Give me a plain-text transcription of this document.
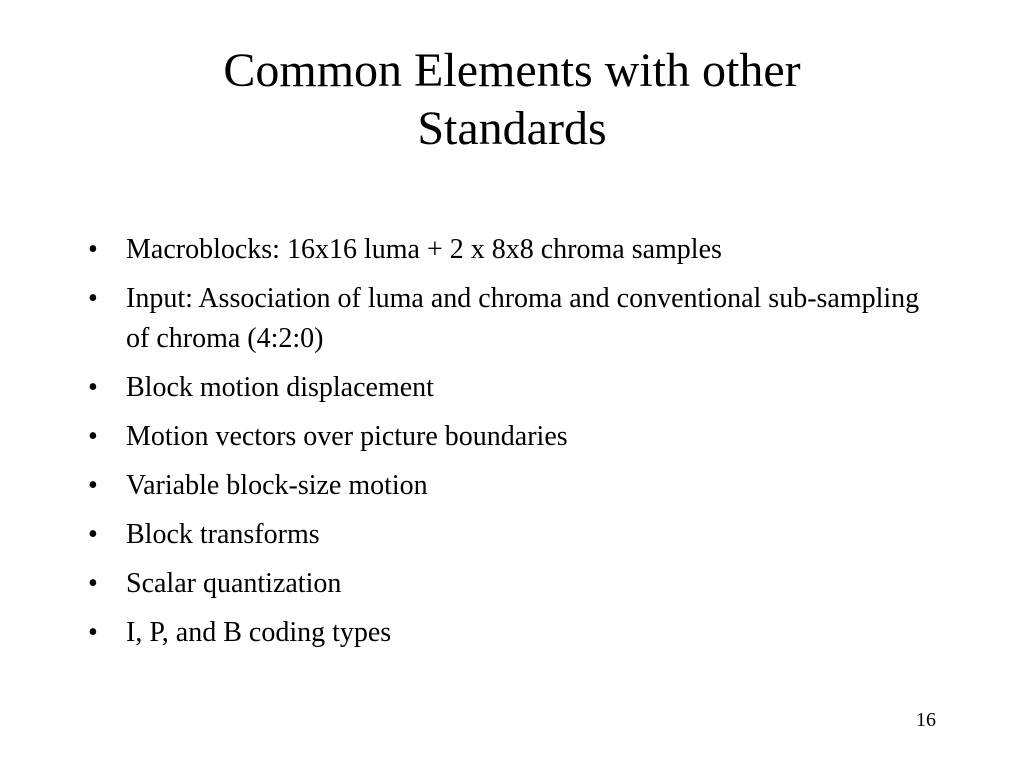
Common Elements with other
Standards
•	Macroblocks: 16x16 luma + 2 x 8x8 chroma samples
•	Input: Association of luma and chroma and conventional sub-sampling of chroma (4:2:0)
•	Block motion displacement
•	Motion vectors over picture boundaries
•	Variable block-size motion
•	Block transforms
•	Scalar quantization
•	I, P, and B coding types
16
